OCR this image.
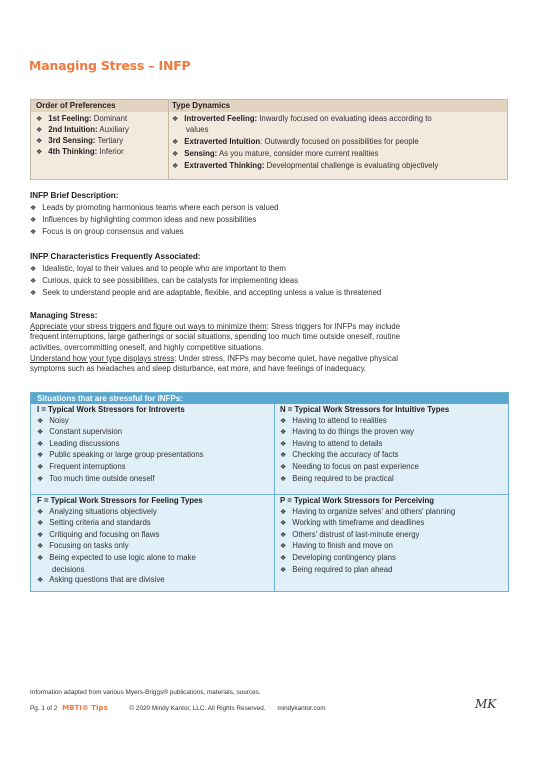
Managing Stress – INFP
Order of Preferences	Type Dynamics
❖ 1st Feeling: Dominant
❖ 2nd Intuition: Auxiliary
❖ 3rd Sensing: Tertiary
❖ 4th Thinking: Inferior
❖ Introverted Feeling: Inwardly focused on evaluating ideas according to
values
❖ Extraverted Intuition: Outwardly focused on possibilities for people
❖ Sensing: As you mature, consider more current realities
❖ Extraverted Thinking: Developmental challenge is evaluating objectively
INFP Brief Description:
❖ Leads by promoting harmonious teams where each person is valued
❖ Influences by highlighting common ideas and new possibilities
❖ Focus is on group consensus and values
INFP Characteristics Frequently Associated:
❖ Idealistic, loyal to their values and to people who are important to them
❖ Curious, quick to see possibilities, can be catalysts for implementing ideas
❖ Seek to understand people and are adaptable, flexible, and accepting unless a value is threatened
Managing Stress:
Appreciate your stress triggers and figure out ways to minimize them: Stress triggers for INFPs may include
frequent interruptions, large gatherings or social situations, spending too much time outside oneself, routine
activities, overcommitting oneself, and highly competitive situations.
Understand how your type displays stress: Under stress, INFPs may become quiet, have negative physical
symptoms such as headaches and sleep disturbance, eat more, and have feelings of inadequacy.
Situations that are stressful for INFPs:
I = Typical Work Stressors for Introverts
❖ Noisy
❖ Constant supervision
❖ Leading discussions
❖ Public speaking or large group presentations
❖ Frequent interruptions
❖ Too much time outside oneself
N = Typical Work Stressors for Intuitive Types
❖ Having to attend to realities
❖ Having to do things the proven way
❖ Having to attend to details
❖ Checking the accuracy of facts
❖ Needing to focus on past experience
❖ Being required to be practical
F = Typical Work Stressors for Feeling Types
❖ Analyzing situations objectively
❖ Setting criteria and standards
❖ Critiquing and focusing on flaws
❖ Focusing on tasks only
❖ Being expected to use logic alone to make
decisions
❖ Asking questions that are divisive
P = Typical Work Stressors for Perceiving
❖ Having to organize selves' and others' planning
❖ Working with timeframe and deadlines
❖ Others' distrust of last-minute energy
❖ Having to finish and move on
❖ Developing contingency plans
❖ Being required to plan ahead
Information adapted from various Myers-Briggs® publications, materials, sources.
Pg. 1 of 2 MBTI® Tips	© 2020 Mindy Kantor, LLC. All Rights Reserved. mindykantor.com	MK
